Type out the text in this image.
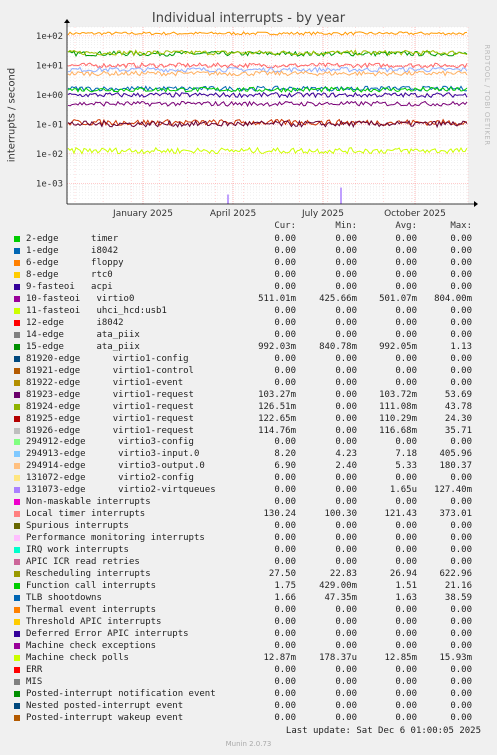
Individual interrupts - by year
interrupts / second	RRDTOOL / TOBI OETIKER
1e+02
1e+01
1e+00
1e-01
1e-02
1e-03
January 2025	April 2025	July 2025	October 2025
Cur:	Min:	Avg:	Max:
2-edge      timer	0.00	0.00	0.00	0.00
1-edge      i8042	0.00	0.00	0.00	0.00
6-edge      floppy	0.00	0.00	0.00	0.00
8-edge      rtc0	0.00	0.00	0.00	0.00
9-fasteoi   acpi	0.00	0.00	0.00	0.00
10-fasteoi   virtio0	511.01m	425.66m 501.07m 804.00m
11-fasteoi   uhci_hcd:usb1	0.00	0.00	0.00	0.00
12-edge      i8042	0.00	0.00	0.00	0.00
14-edge      ata_piix	0.00	0.00	0.00	0.00
15-edge      ata_piix	992.03m	840.78m 992.05m	1.13
81920-edge      virtio1-config	0.00	0.00	0.00	0.00
81921-edge      virtio1-control	0.00	0.00	0.00	0.00
81922-edge      virtio1-event	0.00	0.00	0.00	0.00
81923-edge      virtio1-request	103.27m	0.00 103.72m	53.69
81924-edge      virtio1-request	126.51m	0.00 111.08m	43.78
81925-edge      virtio1-request	122.65m	0.00 110.29m	24.30
81926-edge      virtio1-request	114.76m	0.00 116.68m	35.71
294912-edge      virtio3-config	0.00	0.00	0.00	0.00
294913-edge      virtio3-input.0	8.20	4.23	7.18 405.96
294914-edge      virtio3-output.0	6.90	2.40	5.33 180.37
131072-edge      virtio2-config	0.00	0.00	0.00	0.00
131073-edge      virtio2-virtqueues	0.00	0.00	1.65u 127.40m
Non-maskable interrupts	0.00	0.00	0.00	0.00
Local timer interrupts	130.24	100.30	121.43 373.01
Spurious interrupts	0.00	0.00	0.00	0.00
Performance monitoring interrupts	0.00	0.00	0.00	0.00
IRQ work interrupts	0.00	0.00	0.00	0.00
APIC ICR read retries	0.00	0.00	0.00	0.00
Rescheduling interrupts	27.50	22.83	26.94 622.96
Function call interrupts	1.75	429.00m	1.51	21.16
TLB shootdowns	1.66	47.35m	1.63	38.59
Thermal event interrupts	0.00	0.00	0.00	0.00
Threshold APIC interrupts	0.00	0.00	0.00	0.00
Deferred Error APIC interrupts	0.00	0.00	0.00	0.00
Machine check exceptions	0.00	0.00	0.00	0.00
Machine check polls	12.87m	178.37u	12.85m 15.93m
ERR	0.00	0.00	0.00	0.00
MIS	0.00	0.00	0.00	0.00
Posted-interrupt notification event	0.00	0.00	0.00	0.00
Nested posted-interrupt event	0.00	0.00	0.00	0.00
Posted-interrupt wakeup event	0.00	0.00	0.00	0.00
Last update: Sat Dec 6 01:00:05 2025
Munin 2.0.73
